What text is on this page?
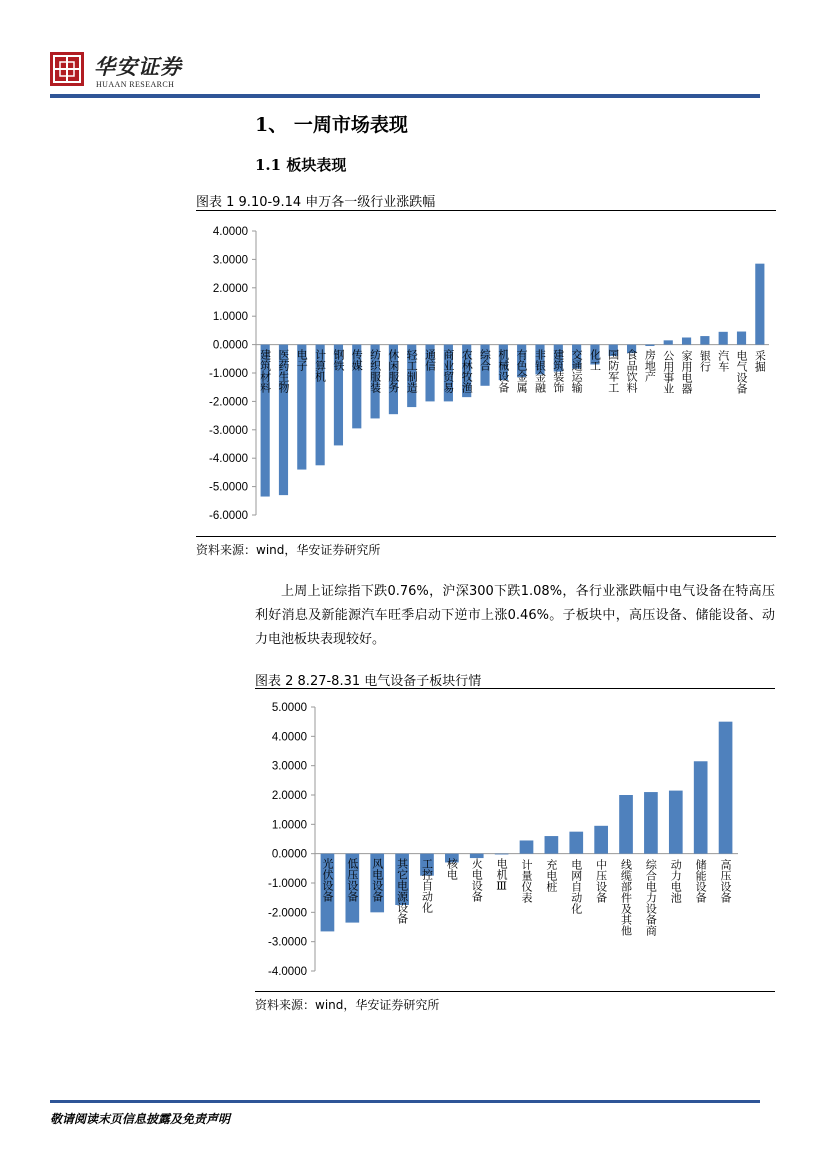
华安证券
HUAAN RESEARCH
1、 一周市场表现
1.1 板块表现
图表 1 9.10-9.14 申万各一级行业涨跌幅
4.0000
3.0000
2.0000
1.0000
0.0000
-1.0000
-2.0000
-3.0000
-4.0000
-5.0000
-6.0000
建筑材料 医药生物 电子 计算机 钢铁 传媒 纺织服装 休闲服务 轻工制造 通信 商业贸易 农林牧渔 综合 机械设备 有色金属 非银金融 建筑装饰 交通运输 化工 国防军工 食品饮料 房地产 公用事业 家用电器 银行 汽车 电气设备 采掘
资料来源：wind，华安证券研究所
上周上证综指下跌0.76%，沪深300下跌1.08%，各行业涨跌幅中电气设备在特高压利好消息及新能源汽车旺季启动下逆市上涨0.46%。子板块中，高压设备、储能设备、动力电池板块表现较好。
图表 2 8.27-8.31 电气设备子板块行情
5.0000
4.0000
3.0000
2.0000
1.0000
0.0000
-1.0000
-2.0000
-3.0000
-4.0000
光伏设备 低压设备 风电设备 其它电源设备 工控自动化 核电 火电设备 电机Ⅲ 计量仪表 充电桩 电网自动化 中压设备 线缆部件及其他 综合电力设备商 动力电池 储能设备 高压设备
资料来源：wind，华安证券研究所
敬请阅读末页信息披露及免责声明
